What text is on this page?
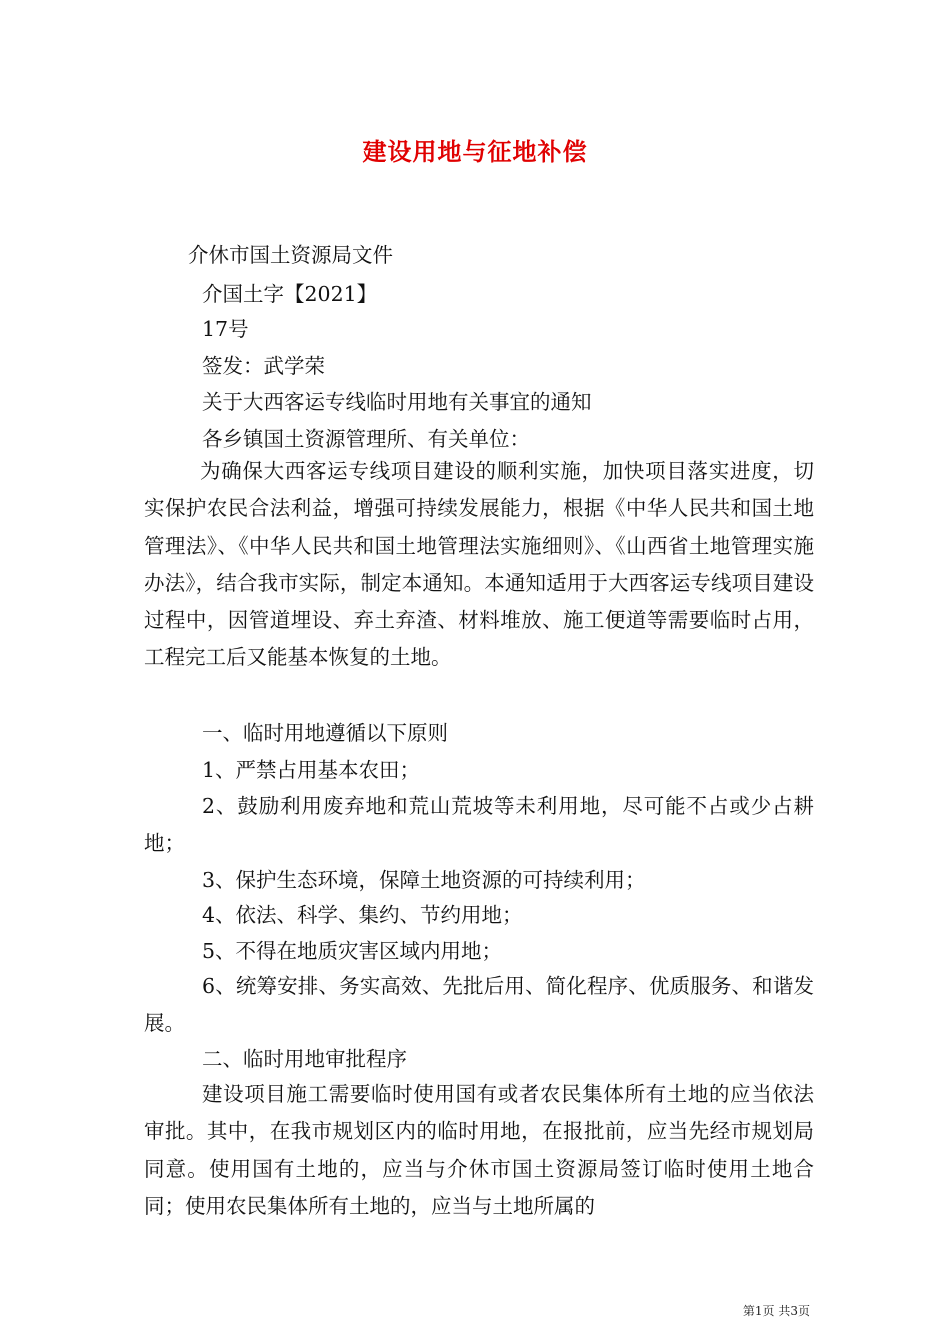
建设用地与征地补偿
介休市国土资源局文件
介国土字【2021】
17号
签发：武学荣
关于大西客运专线临时用地有关事宜的通知
各乡镇国土资源管理所、有关单位：
为确保大西客运专线项目建设的顺利实施，加快项目落实进度，切实保护农民合法利益，增强可持续发展能力，根据《中华人民共和国土地管理法》、《中华人民共和国土地管理法实施细则》、《山西省土地管理实施办法》，结合我市实际，制定本通知。本通知适用于大西客运专线项目建设过程中，因管道埋设、弃土弃渣、材料堆放、施工便道等需要临时占用，工程完工后又能基本恢复的土地。
一、临时用地遵循以下原则
1、严禁占用基本农田；
2、鼓励利用废弃地和荒山荒坡等未利用地，尽可能不占或少占耕地；
3、保护生态环境，保障土地资源的可持续利用；
4、依法、科学、集约、节约用地；
5、不得在地质灾害区域内用地；
6、统筹安排、务实高效、先批后用、简化程序、优质服务、和谐发展。
二、临时用地审批程序
建设项目施工需要临时使用国有或者农民集体所有土地的应当依法审批。其中，在我市规划区内的临时用地，在报批前，应当先经市规划局同意。使用国有土地的，应当与介休市国土资源局签订临时使用土地合同；使用农民集体所有土地的，应当与土地所属的
第1页 共3页
